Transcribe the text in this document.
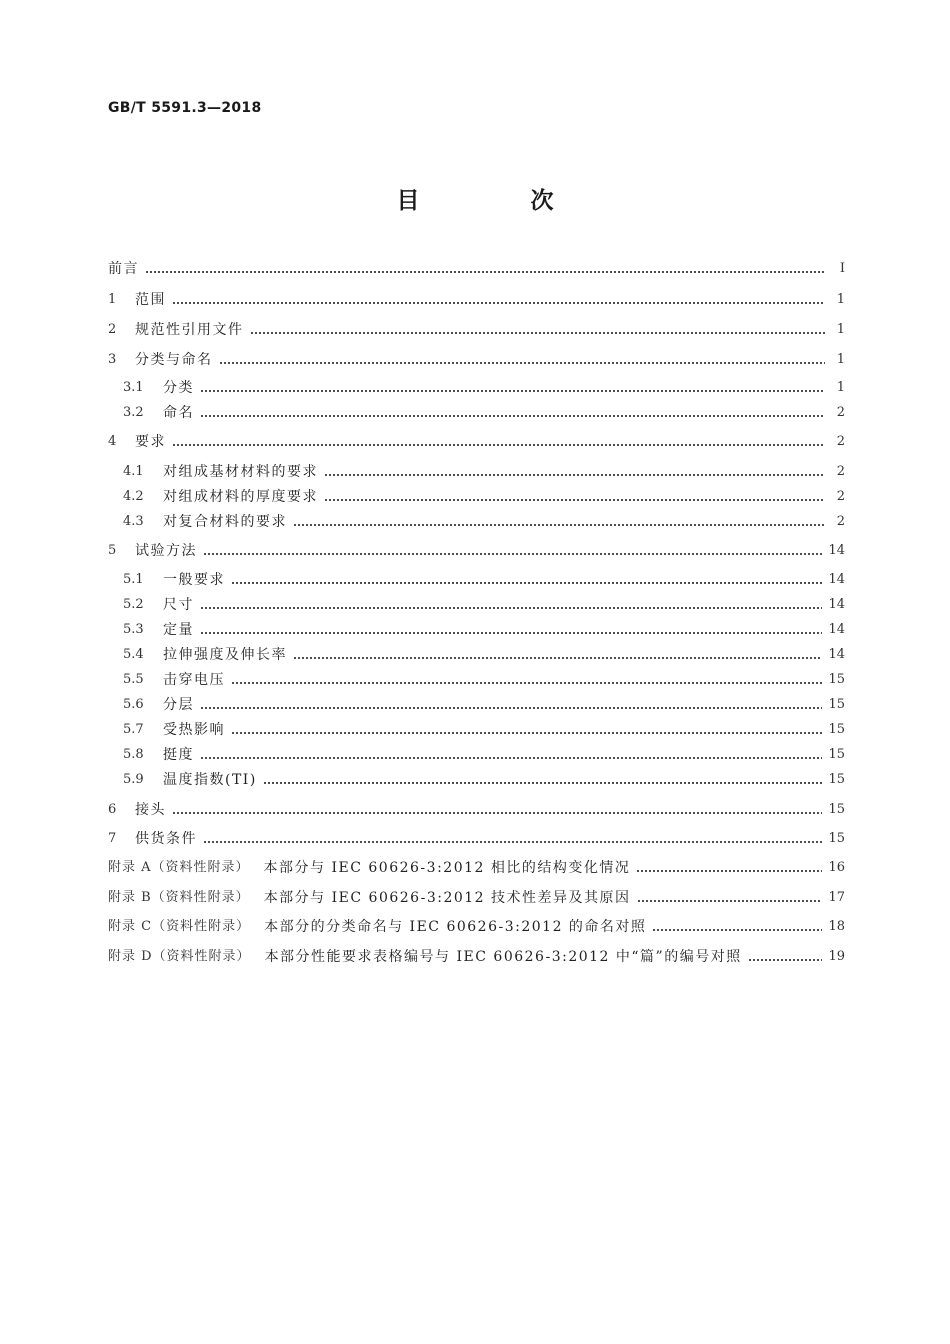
GB/T 5591.3—2018
目　次
前言	Ⅰ
1	范围	1
2	规范性引用文件	1
3	分类与命名	1
3.1	分类	1
3.2	命名	2
4	要求	2
4.1	对组成基材材料的要求	2
4.2	对组成材料的厚度要求	2
4.3	对复合材料的要求	2
5	试验方法	14
5.1	一般要求	14
5.2	尺寸	14
5.3	定量	14
5.4	拉伸强度及伸长率	14
5.5	击穿电压	15
5.6	分层	15
5.7	受热影响	15
5.8	挺度	15
5.9	温度指数(TI)	15
6	接头	15
7	供货条件	15
附录 A（资料性附录） 本部分与 IEC 60626-3:2012 相比的结构变化情况	16
附录 B（资料性附录） 本部分与 IEC 60626-3:2012 技术性差异及其原因	17
附录 C（资料性附录） 本部分的分类命名与 IEC 60626-3:2012 的命名对照	18
附录 D（资料性附录） 本部分性能要求表格编号与 IEC 60626-3:2012 中“篇”的编号对照	19
